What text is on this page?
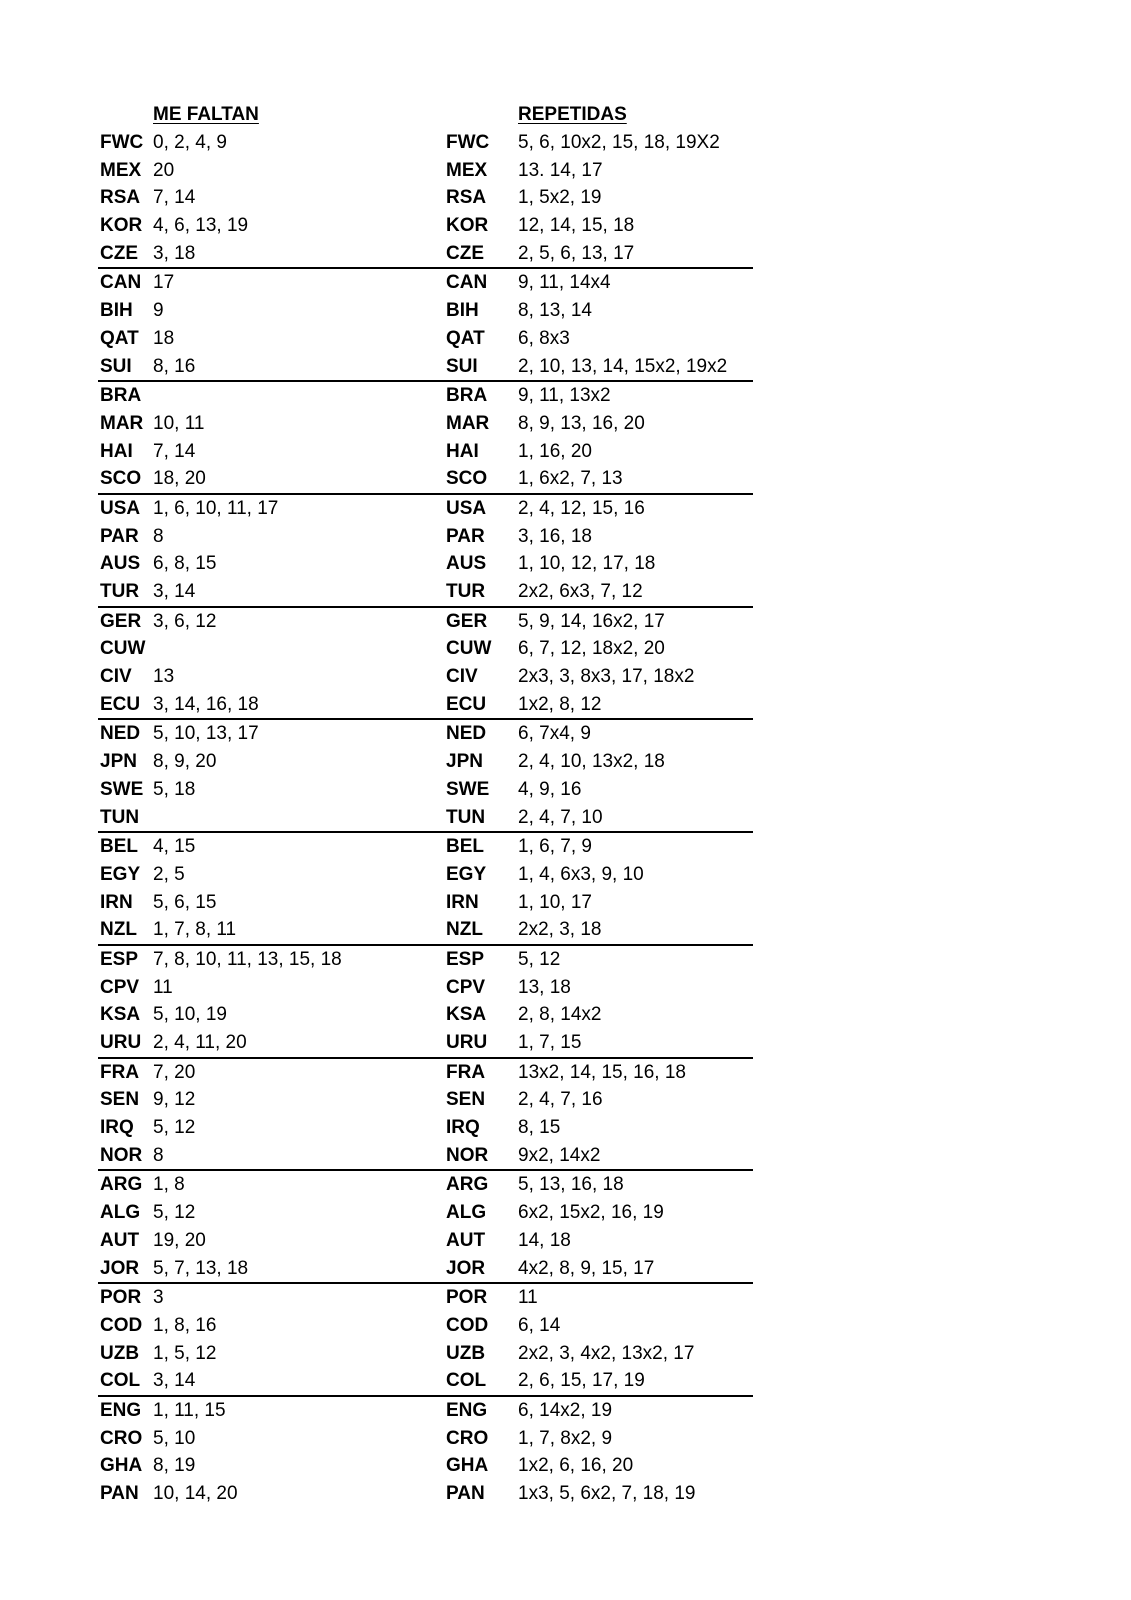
ME FALTAN	REPETIDAS
FWC 0, 2, 4, 9	FWC 5, 6, 10x2, 15, 18, 19X2
MEX 20	MEX 13. 14, 17
RSA 7, 14	RSA 1, 5x2, 19
KOR 4, 6, 13, 19	KOR 12, 14, 15, 18
CZE 3, 18	CZE 2, 5, 6, 13, 17
CAN 17	CAN 9, 11, 14x4
BIH 9	BIH 8, 13, 14
QAT 18	QAT 6, 8x3
SUI 8, 16	SUI 2, 10, 13, 14, 15x2, 19x2
BRA	BRA 9, 11, 13x2
MAR 10, 11	MAR 8, 9, 13, 16, 20
HAI 7, 14	HAI 1, 16, 20
SCO 18, 20	SCO 1, 6x2, 7, 13
USA 1, 6, 10, 11, 17	USA 2, 4, 12, 15, 16
PAR 8	PAR 3, 16, 18
AUS 6, 8, 15	AUS 1, 10, 12, 17, 18
TUR 3, 14	TUR 2x2, 6x3, 7, 12
GER 3, 6, 12	GER 5, 9, 14, 16x2, 17
CUW	CUW 6, 7, 12, 18x2, 20
CIV 13	CIV 2x3, 3, 8x3, 17, 18x2
ECU 3, 14, 16, 18	ECU 1x2, 8, 12
NED 5, 10, 13, 17	NED 6, 7x4, 9
JPN 8, 9, 20	JPN 2, 4, 10, 13x2, 18
SWE 5, 18	SWE 4, 9, 16
TUN	TUN 2, 4, 7, 10
BEL 4, 15	BEL 1, 6, 7, 9
EGY 2, 5	EGY 1, 4, 6x3, 9, 10
IRN 5, 6, 15	IRN 1, 10, 17
NZL 1, 7, 8, 11	NZL 2x2, 3, 18
ESP 7, 8, 10, 11, 13, 15, 18	ESP 5, 12
CPV 11	CPV 13, 18
KSA 5, 10, 19	KSA 2, 8, 14x2
URU 2, 4, 11, 20	URU 1, 7, 15
FRA 7, 20	FRA 13x2, 14, 15, 16, 18
SEN 9, 12	SEN 2, 4, 7, 16
IRQ 5, 12	IRQ 8, 15
NOR 8	NOR 9x2, 14x2
ARG 1, 8	ARG 5, 13, 16, 18
ALG 5, 12	ALG 6x2, 15x2, 16, 19
AUT 19, 20	AUT 14, 18
JOR 5, 7, 13, 18	JOR 4x2, 8, 9, 15, 17
POR 3	POR 11
COD 1, 8, 16	COD 6, 14
UZB 1, 5, 12	UZB 2x2, 3, 4x2, 13x2, 17
COL 3, 14	COL 2, 6, 15, 17, 19
ENG 1, 11, 15	ENG 6, 14x2, 19
CRO 5, 10	CRO 1, 7, 8x2, 9
GHA 8, 19	GHA 1x2, 6, 16, 20
PAN 10, 14, 20	PAN 1x3, 5, 6x2, 7, 18, 19
